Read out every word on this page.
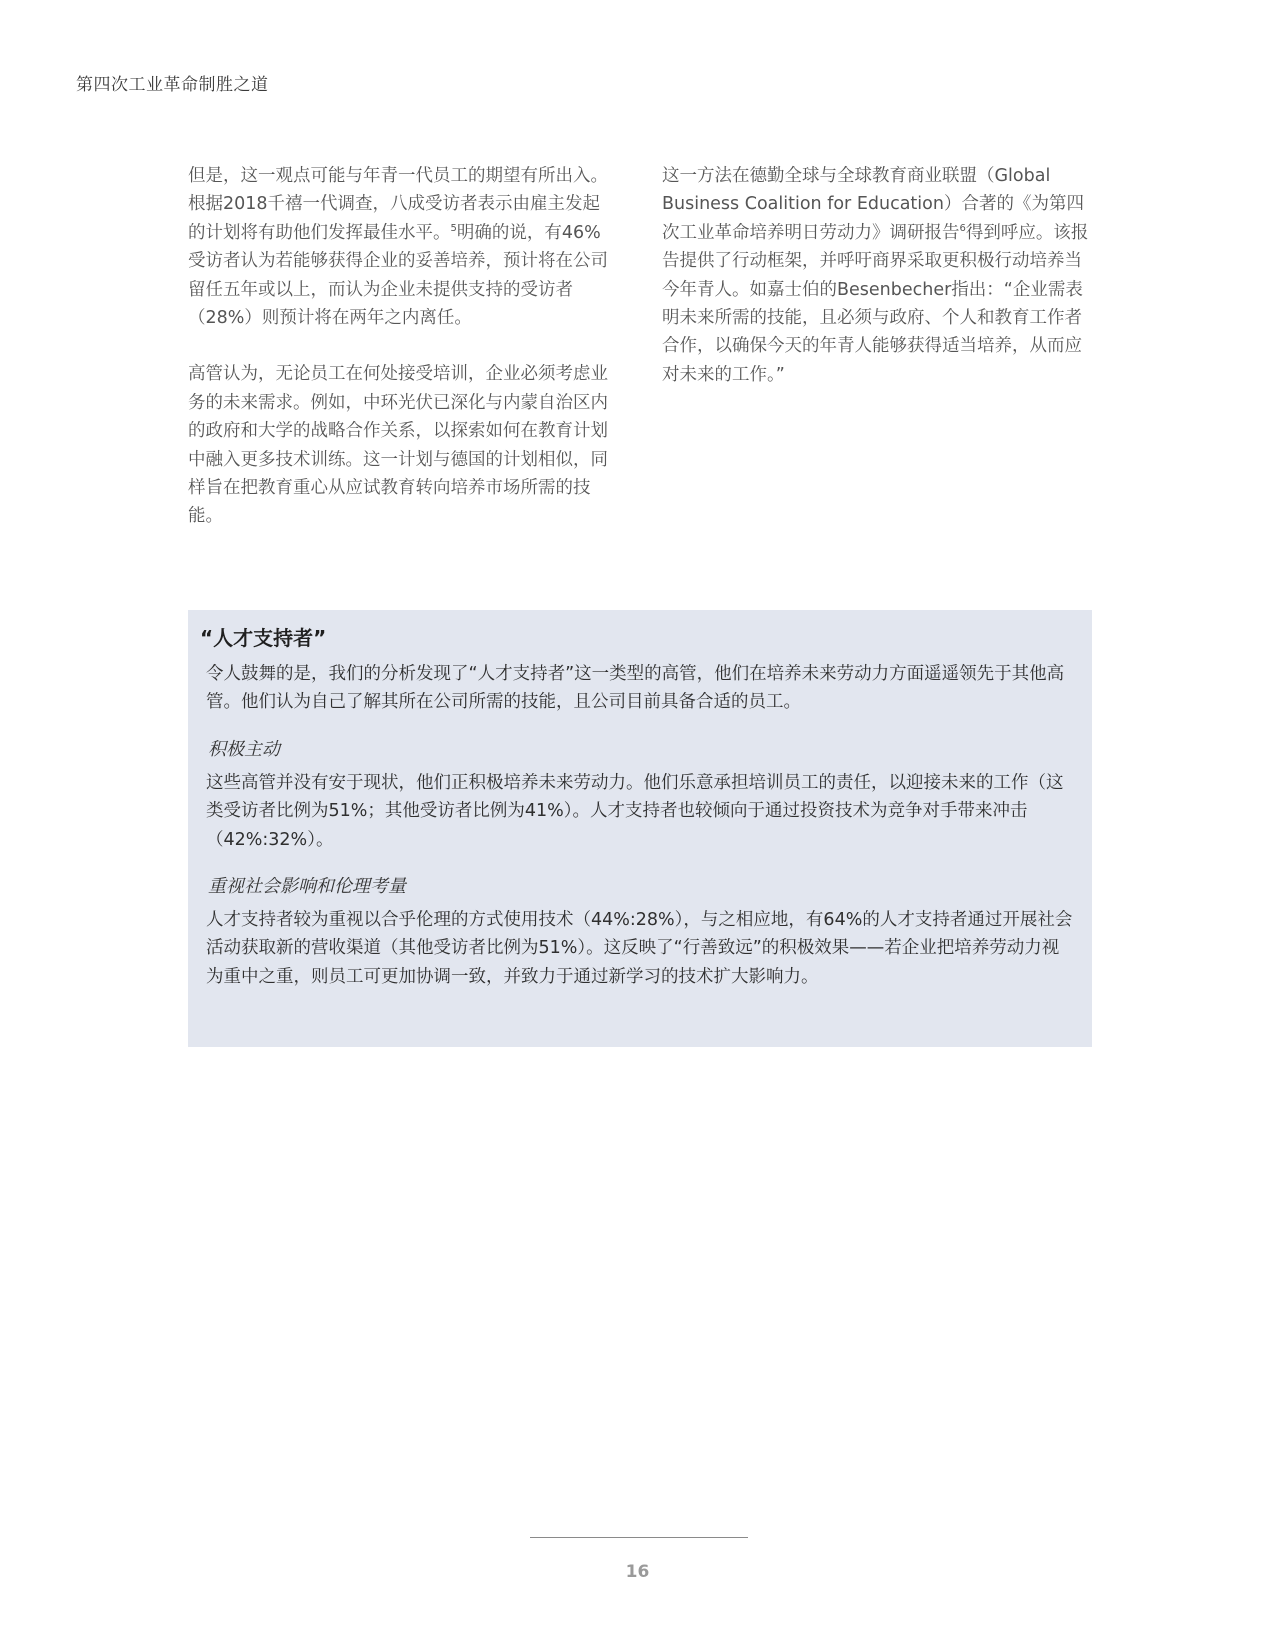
第四次工业革命制胜之道

但是，这一观点可能与年青一代员工的期望有所出入。根据2018千禧一代调查，八成受访者表示由雇主发起的计划将有助他们发挥最佳水平。$^5$明确的说，有46%受访者认为若能够获得企业的妥善培养，预计将在公司留任五年或以上，而认为企业未提供支持的受访者（28%）则预计将在两年之内离任。

高管认为，无论员工在何处接受培训，企业必须考虑业务的未来需求。例如，中环光伏已深化与内蒙自治区内的政府和大学的战略合作关系，以探索如何在教育计划中融入更多技术训练。这一计划与德国的计划相似，同样旨在把教育重心从应试教育转向培养市场所需的技能。

这一方法在德勤全球与全球教育商业联盟（Global Business Coalition for Education）合著的《为第四次工业革命培养明日劳动力》调研报告$^6$得到呼应。该报告提供了行动框架，并呼吁商界采取更积极行动培养当今年青人。如嘉士伯的Besenbecher指出：“企业需表明未来所需的技能，且必须与政府、个人和教育工作者合作，以确保今天的年青人能够获得适当培养，从而应对未来的工作。”

“人才支持者”

令人鼓舞的是，我们的分析发现了“人才支持者”这一类型的高管，他们在培养未来劳动力方面遥遥领先于其他高管。他们认为自己了解其所在公司所需的技能，且公司目前具备合适的员工。

积极主动

这些高管并没有安于现状，他们正积极培养未来劳动力。他们乐意承担培训员工的责任，以迎接未来的工作（这类受访者比例为51%；其他受访者比例为41%）。人才支持者也较倾向于通过投资技术为竞争对手带来冲击（42%:32%）。

重视社会影响和伦理考量

人才支持者较为重视以合乎伦理的方式使用技术（44%:28%），与之相应地，有64%的人才支持者通过开展社会活动获取新的营收渠道（其他受访者比例为51%）。这反映了“行善致远”的积极效果——若企业把培养劳动力视为重中之重，则员工可更加协调一致，并致力于通过新学习的技术扩大影响力。

16
